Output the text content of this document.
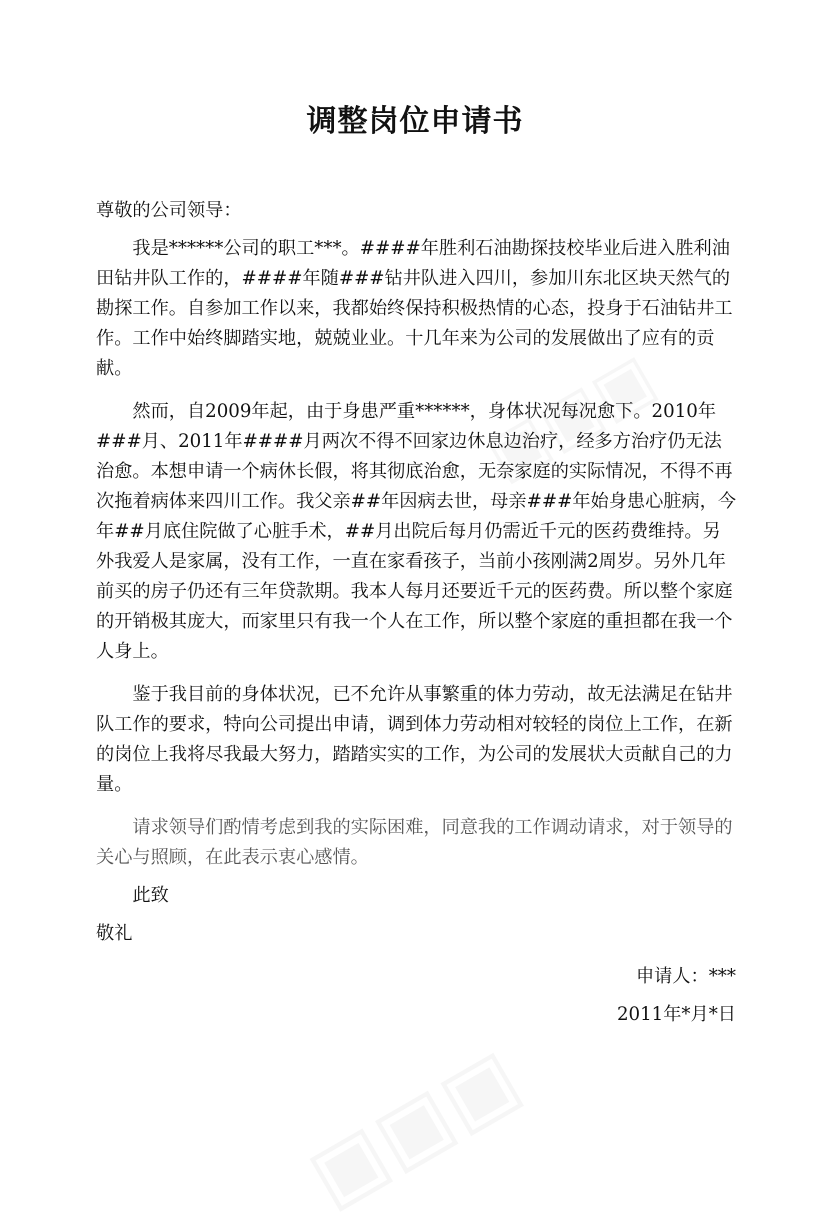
调整岗位申请书

尊敬的公司领导：

我是******公司的职工***。####年胜利石油勘探技校毕业后进入胜利油田钻井队工作的，####年随###钻井队进入四川，参加川东北区块天然气的勘探工作。自参加工作以来，我都始终保持积极热情的心态，投身于石油钻井工作。工作中始终脚踏实地，兢兢业业。十几年来为公司的发展做出了应有的贡献。

然而，自2009年起，由于身患严重******，身体状况每况愈下。2010年###月、2011年####月两次不得不回家边休息边治疗，经多方治疗仍无法治愈。本想申请一个病休长假，将其彻底治愈，无奈家庭的实际情况，不得不再次拖着病体来四川工作。我父亲##年因病去世，母亲###年始身患心脏病，今年##月底住院做了心脏手术，##月出院后每月仍需近千元的医药费维持。另外我爱人是家属，没有工作，一直在家看孩子，当前小孩刚满2周岁。另外几年前买的房子仍还有三年贷款期。我本人每月还要近千元的医药费。所以整个家庭的开销极其庞大，而家里只有我一个人在工作，所以整个家庭的重担都在我一个人身上。

鉴于我目前的身体状况，已不允许从事繁重的体力劳动，故无法满足在钻井队工作的要求，特向公司提出申请，调到体力劳动相对较轻的岗位上工作，在新的岗位上我将尽我最大努力，踏踏实实的工作，为公司的发展状大贡献自己的力量。

请求领导们酌情考虑到我的实际困难，同意我的工作调动请求，对于领导的关心与照顾，在此表示衷心感情。

此致

敬礼

申请人：***

2011年*月*日
